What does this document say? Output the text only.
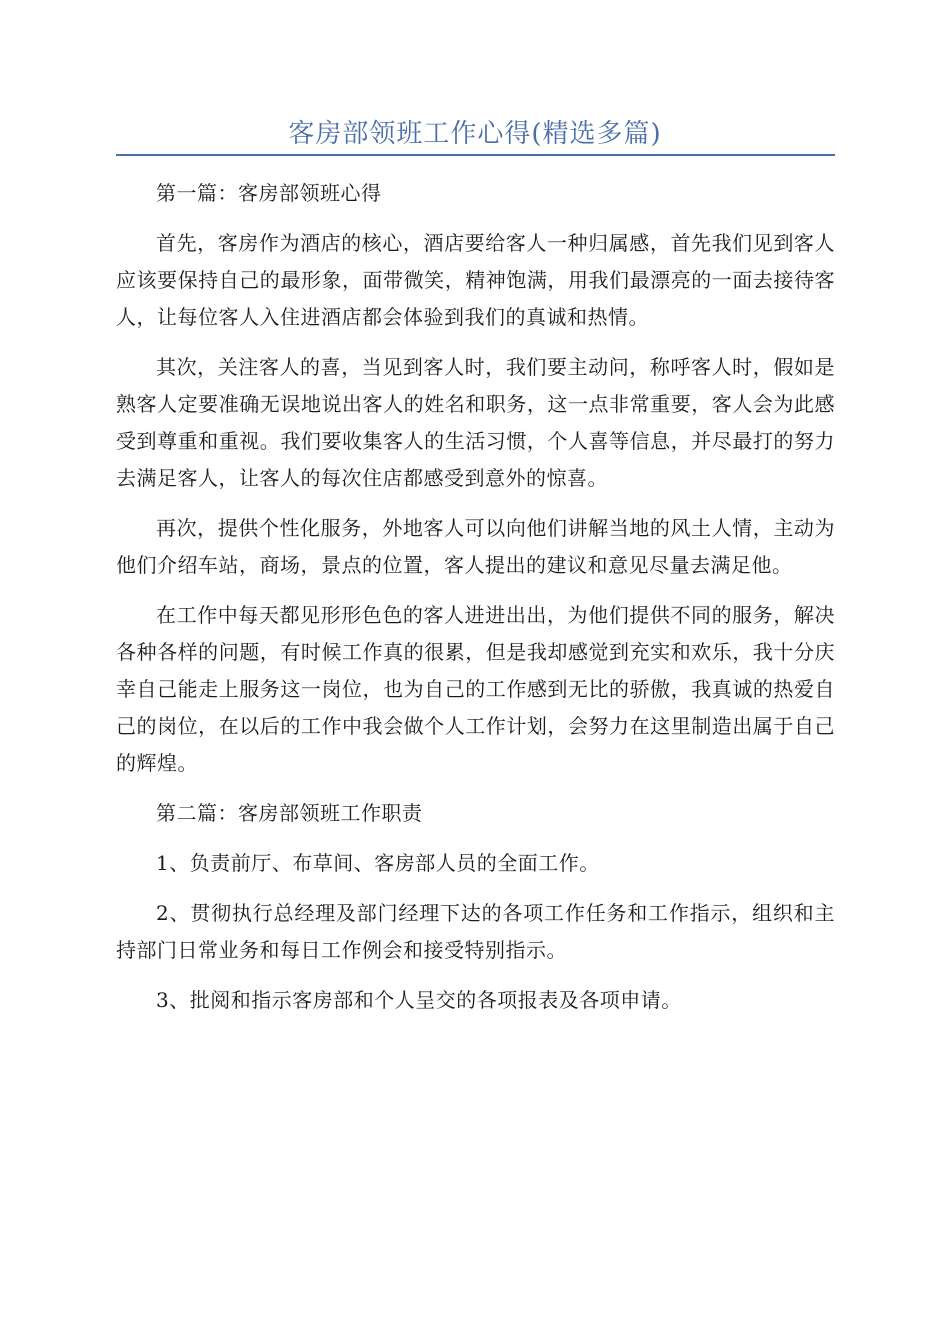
客房部领班工作心得(精选多篇)

第一篇：客房部领班心得

首先，客房作为酒店的核心，酒店要给客人一种归属感，首先我们见到客人应该要保持自己的最形象，面带微笑，精神饱满，用我们最漂亮的一面去接待客人，让每位客人入住进酒店都会体验到我们的真诚和热情。

其次，关注客人的喜，当见到客人时，我们要主动问，称呼客人时，假如是熟客人定要准确无误地说出客人的姓名和职务，这一点非常重要，客人会为此感受到尊重和重视。我们要收集客人的生活习惯，个人喜等信息，并尽最打的努力去满足客人，让客人的每次住店都感受到意外的惊喜。

再次，提供个性化服务，外地客人可以向他们讲解当地的风土人情，主动为他们介绍车站，商场，景点的位置，客人提出的建议和意见尽量去满足他。

在工作中每天都见形形色色的客人进进出出，为他们提供不同的服务，解决各种各样的问题，有时候工作真的很累，但是我却感觉到充实和欢乐，我十分庆幸自己能走上服务这一岗位，也为自己的工作感到无比的骄傲，我真诚的热爱自己的岗位，在以后的工作中我会做个人工作计划，会努力在这里制造出属于自己的辉煌。

第二篇：客房部领班工作职责

1、负责前厅、布草间、客房部人员的全面工作。

2、贯彻执行总经理及部门经理下达的各项工作任务和工作指示，组织和主持部门日常业务和每日工作例会和接受特别指示。

3、批阅和指示客房部和个人呈交的各项报表及各项申请。
